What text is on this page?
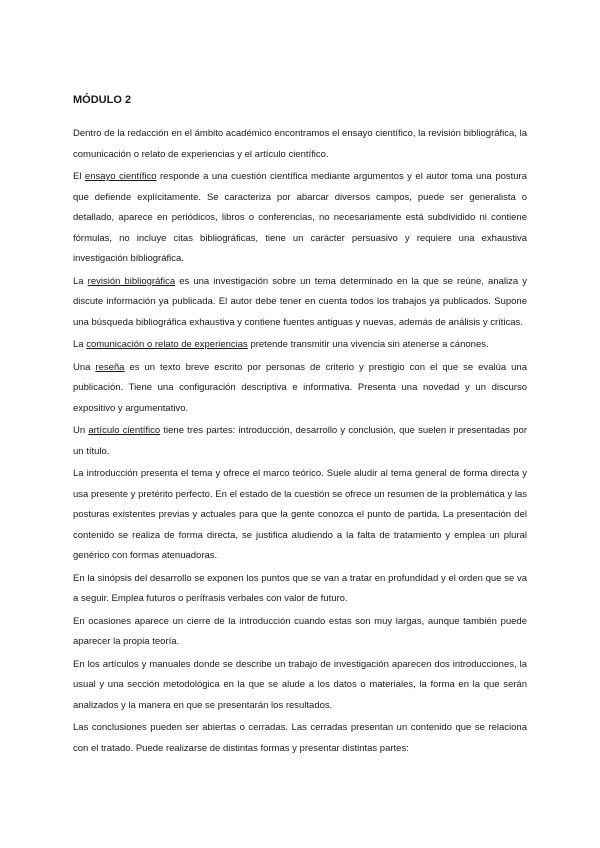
MÓDULO 2

Dentro de la redacción en el ámbito académico encontramos el ensayo científico, la revisión bibliográfica, la comunicación o relato de experiencias y el artículo científico.

El ensayo científico responde a una cuestión científica mediante argumentos y el autor toma una postura que defiende explícitamente. Se caracteriza por abarcar diversos campos, puede ser generalista o detallado, aparece en periódicos, libros o conferencias, no necesariamente está subdividido ni contiene fórmulas, no incluye citas bibliográficas, tiene un carácter persuasivo y requiere una exhaustiva investigación bibliográfica.

La revisión bibliográfica es una investigación sobre un tema determinado en la que se reúne, analiza y discute información ya publicada. El autor debe tener en cuenta todos los trabajos ya publicados. Supone una búsqueda bibliográfica exhaustiva y contiene fuentes antiguas y nuevas, además de análisis y críticas.

La comunicación o relato de experiencias pretende transmitir una vivencia sin atenerse a cánones.

Una reseña es un texto breve escrito por personas de criterio y prestigio con el que se evalúa una publicación. Tiene una configuración descriptiva e informativa. Presenta una novedad y un discurso expositivo y argumentativo.

Un artículo científico tiene tres partes: introducción, desarrollo y conclusión, que suelen ir presentadas por un título.

La introducción presenta el tema y ofrece el marco teórico. Suele aludir al tema general de forma directa y usa presente y pretérito perfecto. En el estado de la cuestión se ofrece un resumen de la problemática y las posturas existentes previas y actuales para que la gente conozca el punto de partida. La presentación del contenido se realiza de forma directa, se justifica aludiendo a la falta de tratamiento y emplea un plural genérico con formas atenuadoras.

En la sinópsis del desarrollo se exponen los puntos que se van a tratar en profundidad y el orden que se va a seguir. Emplea futuros o perífrasis verbales con valor de futuro.

En ocasiones aparece un cierre de la introducción cuando estas son muy largas, aunque también puede aparecer la propia teoría.

En los artículos y manuales donde se describe un trabajo de investigación aparecen dos introducciones, la usual y una sección metodológica en la que se alude a los datos o materiales, la forma en la que serán analizados y la manera en que se presentarán los resultados.

Las conclusiones pueden ser abiertas o cerradas. Las cerradas presentan un contenido que se relaciona con el tratado. Puede realizarse de distintas formas y presentar distintas partes:
